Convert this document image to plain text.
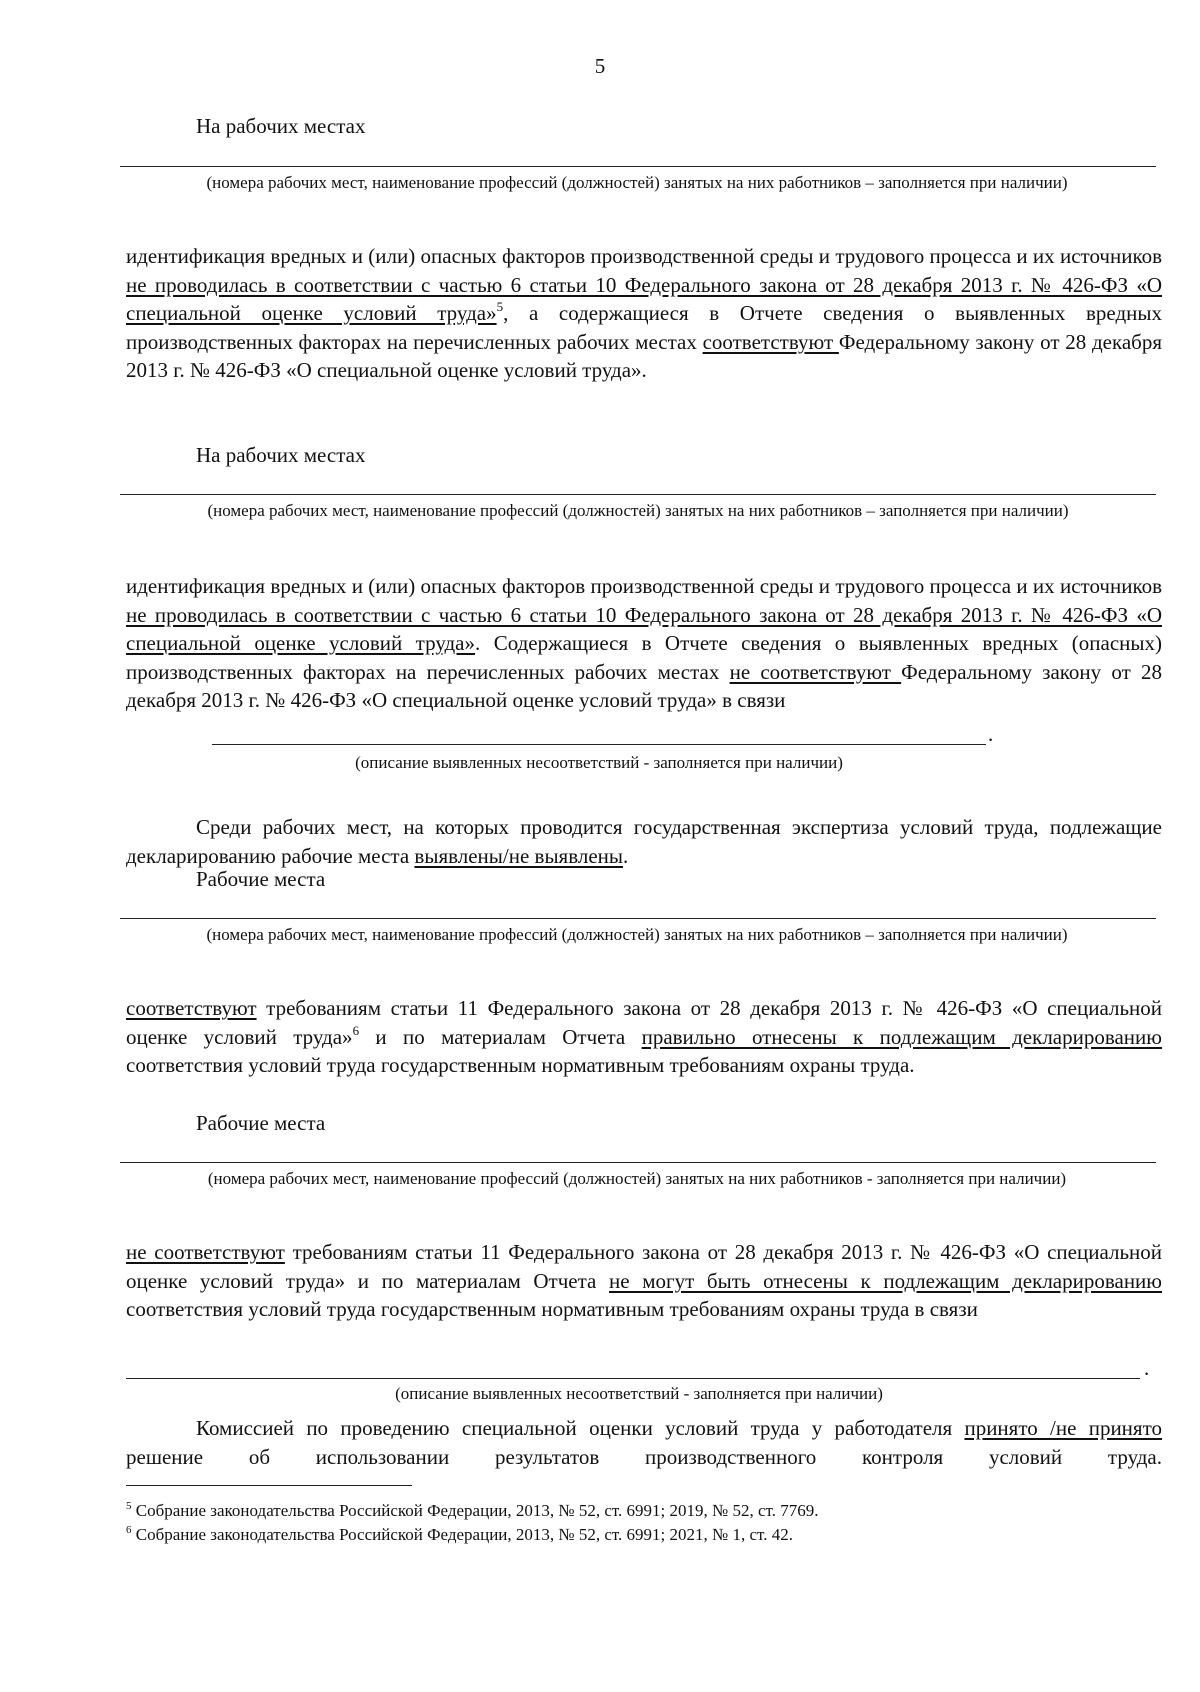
5
На рабочих местах
(номера рабочих мест, наименование профессий (должностей) занятых на них работников – заполняется при наличии)
идентификация вредных и (или) опасных факторов производственной среды и трудового процесса и их источников не проводилась в соответствии с частью 6 статьи 10 Федерального закона от 28 декабря 2013 г. № 426-ФЗ «О специальной оценке условий труда»$^5$, а содержащиеся в Отчете сведения о выявленных вредных производственных факторах на перечисленных рабочих местах соответствуют Федеральному закону от 28 декабря 2013 г. № 426-ФЗ «О специальной оценке условий труда».
На рабочих местах
(номера рабочих мест, наименование профессий (должностей) занятых на них работников – заполняется при наличии)
идентификация вредных и (или) опасных факторов производственной среды и трудового процесса и их источников не проводилась в соответствии с частью 6 статьи 10 Федерального закона от 28 декабря 2013 г. № 426-ФЗ «О специальной оценке условий труда». Содержащиеся в Отчете сведения о выявленных вредных (опасных) производственных факторах на перечисленных рабочих местах не соответствуют Федеральному закону от 28 декабря 2013 г. № 426-ФЗ «О специальной оценке условий труда» в связи
.
(описание выявленных несоответствий - заполняется при наличии)
Среди рабочих мест, на которых проводится государственная экспертиза условий труда, подлежащие декларированию рабочие места выявлены/не выявлены.
Рабочие места
(номера рабочих мест, наименование профессий (должностей) занятых на них работников – заполняется при наличии)
соответствуют требованиям статьи 11 Федерального закона от 28 декабря 2013 г. № 426-ФЗ «О специальной оценке условий труда»$^6$ и по материалам Отчета правильно отнесены к подлежащим декларированию соответствия условий труда государственным нормативным требованиям охраны труда.
Рабочие места
(номера рабочих мест, наименование профессий (должностей) занятых на них работников - заполняется при наличии)
не соответствуют требованиям статьи 11 Федерального закона от 28 декабря 2013 г. № 426-ФЗ «О специальной оценке условий труда» и по материалам Отчета не могут быть отнесены к подлежащим декларированию соответствия условий труда государственным нормативным требованиям охраны труда в связи
.
(описание выявленных несоответствий - заполняется при наличии)
Комиссией по проведению специальной оценки условий труда у работодателя принято /не принято решение об использовании результатов производственного контроля условий труда.
$^5$ Собрание законодательства Российской Федерации, 2013, № 52, ст. 6991; 2019, № 52, ст. 7769.
$^6$ Собрание законодательства Российской Федерации, 2013, № 52, ст. 6991; 2021, № 1, ст. 42.
